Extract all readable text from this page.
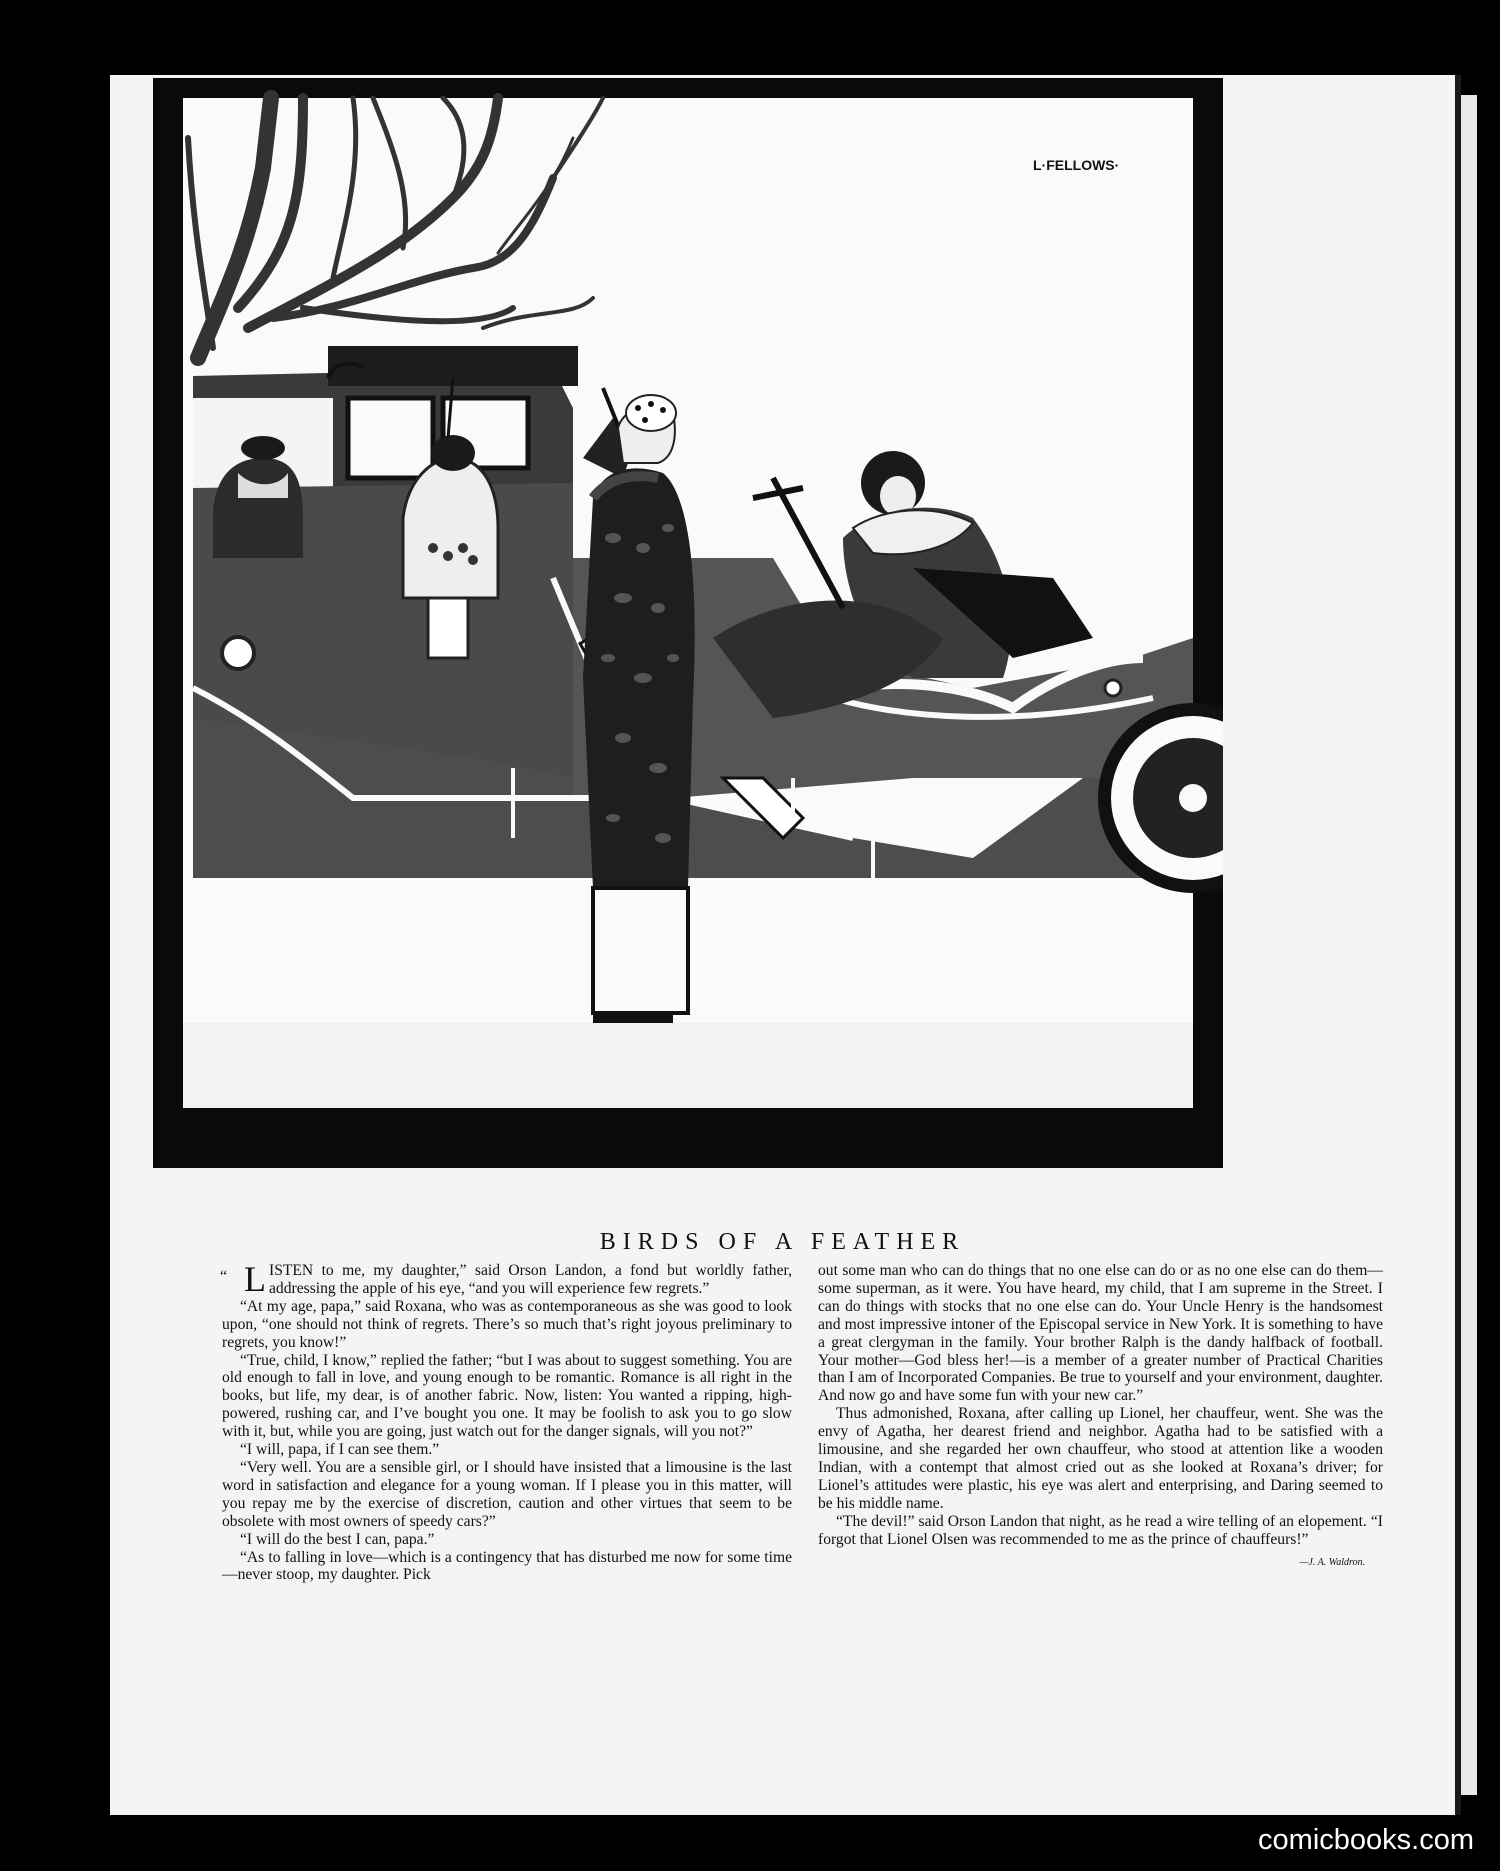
L·FELLOWS·
BIRDS OF A FEATHER
“ L ISTEN to me, my daughter,” said Orson Landon, a fond but worldly father, addressing the apple of his eye, “and you will experience few regrets.”

“At my age, papa,” said Roxana, who was as contemporaneous as she was good to look upon, “one should not think of regrets. There’s so much that’s right joyous preliminary to regrets, you know!”

“True, child, I know,” replied the father; “but I was about to suggest something. You are old enough to fall in love, and young enough to be romantic. Romance is all right in the books, but life, my dear, is of another fabric. Now, listen: You wanted a ripping, high-powered, rushing car, and I’ve bought you one. It may be foolish to ask you to go slow with it, but, while you are going, just watch out for the danger signals, will you not?”

“I will, papa, if I can see them.”

“Very well. You are a sensible girl, or I should have insisted that a limousine is the last word in satisfaction and elegance for a young woman. If I please you in this matter, will you repay me by the exercise of discretion, caution and other virtues that seem to be obsolete with most owners of speedy cars?”

“I will do the best I can, papa.”

“As to falling in love—which is a contingency that has disturbed me now for some time—never stoop, my daughter. Pick

out some man who can do things that no one else can do or as no one else can do them—some superman, as it were. You have heard, my child, that I am supreme in the Street. I can do things with stocks that no one else can do. Your Uncle Henry is the handsomest and most impressive intoner of the Episcopal service in New York. It is something to have a great clergyman in the family. Your brother Ralph is the dandy halfback of football. Your mother—God bless her!—is a member of a greater number of Practical Charities than I am of Incorporated Companies. Be true to yourself and your environment, daughter. And now go and have some fun with your new car.”

Thus admonished, Roxana, after calling up Lionel, her chauffeur, went. She was the envy of Agatha, her dearest friend and neighbor. Agatha had to be satisfied with a limousine, and she regarded her own chauffeur, who stood at attention like a wooden Indian, with a contempt that almost cried out as she looked at Roxana’s driver; for Lionel’s attitudes were plastic, his eye was alert and enterprising, and Daring seemed to be his middle name.

“The devil!” said Orson Landon that night, as he read a wire telling of an elopement. “I forgot that Lionel Olsen was recommended to me as the prince of chauffeurs!”

—J. A. Waldron.
comicbooks.com
